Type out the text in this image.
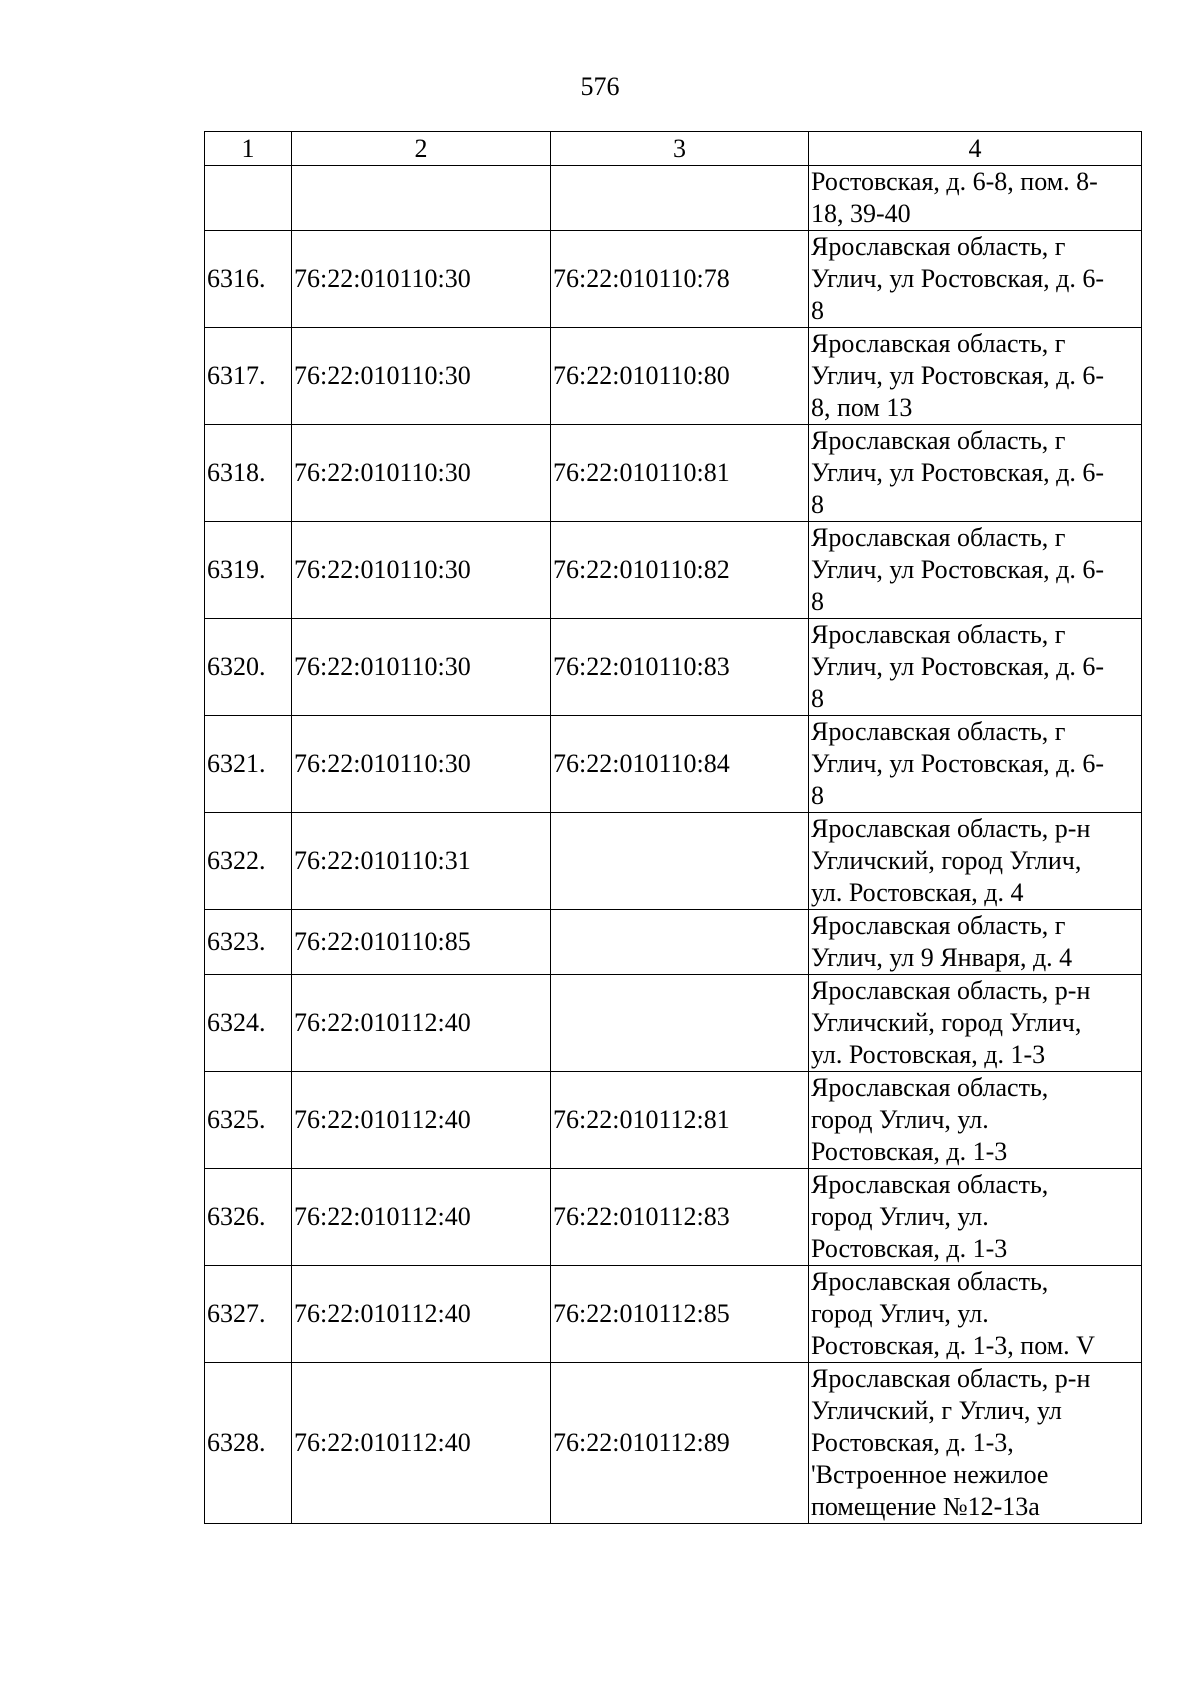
576
1	2	3	4
			Ростовская, д. 6-8, пом. 8-
18, 39-40
6316.	76:22:010110:30	76:22:010110:78	Ярославская область, г
Углич, ул Ростовская, д. 6-
8
6317.	76:22:010110:30	76:22:010110:80	Ярославская область, г
Углич, ул Ростовская, д. 6-
8, пом 13
6318.	76:22:010110:30	76:22:010110:81	Ярославская область, г
Углич, ул Ростовская, д. 6-
8
6319.	76:22:010110:30	76:22:010110:82	Ярославская область, г
Углич, ул Ростовская, д. 6-
8
6320.	76:22:010110:30	76:22:010110:83	Ярославская область, г
Углич, ул Ростовская, д. 6-
8
6321.	76:22:010110:30	76:22:010110:84	Ярославская область, г
Углич, ул Ростовская, д. 6-
8
6322.	76:22:010110:31		Ярославская область, р-н
Угличский, город Углич,
ул. Ростовская, д. 4
6323.	76:22:010110:85		Ярославская область, г
Углич, ул 9 Января, д. 4
6324.	76:22:010112:40		Ярославская область, р-н
Угличский, город Углич,
ул. Ростовская, д. 1-3
6325.	76:22:010112:40	76:22:010112:81	Ярославская область,
город Углич, ул.
Ростовская, д. 1-3
6326.	76:22:010112:40	76:22:010112:83	Ярославская область,
город Углич, ул.
Ростовская, д. 1-3
6327.	76:22:010112:40	76:22:010112:85	Ярославская область,
город Углич, ул.
Ростовская, д. 1-3, пом. V
6328.	76:22:010112:40	76:22:010112:89	Ярославская область, р-н
Угличский, г Углич, ул
Ростовская, д. 1-3,
'Встроенное нежилое
помещение №12-13а
